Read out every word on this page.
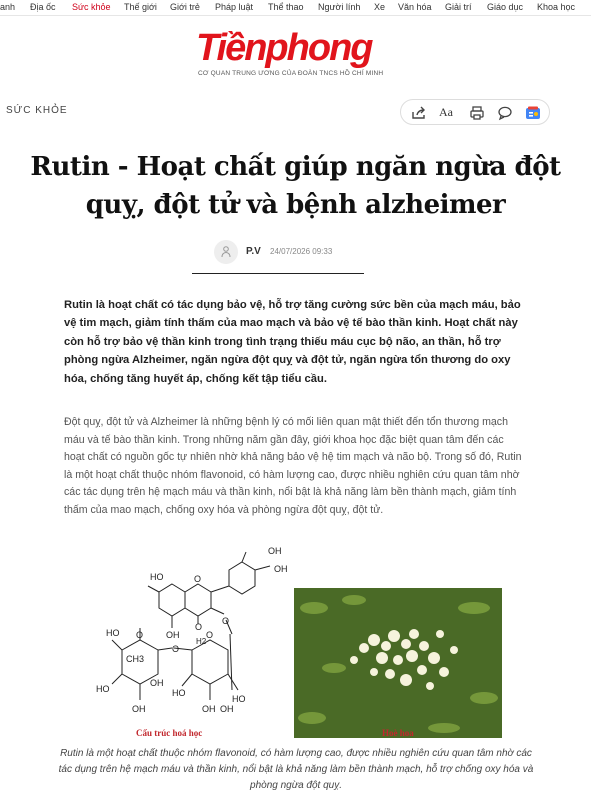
anh Địa ốc Sức khỏe Thế giới Giới trẻ Pháp luật Thể thao Người lính Xe Văn hóa Giải trí Giáo dục Khoa học
Tiềnphong
CƠ QUAN TRUNG ƯƠNG CỦA ĐOÀN TNCS HỒ CHÍ MINH
SỨC KHỎE	Aa
Rutin - Hoạt chất giúp ngăn ngừa đột quỵ, đột tử và bệnh alzheimer
P.V 24/07/2026 09:33

Rutin là hoạt chất có tác dụng bảo vệ, hỗ trợ tăng cường sức bền của mạch máu, bảo vệ tim mạch, giảm tính thấm của mao mạch và bảo vệ tế bào thần kinh. Hoạt chất này còn hỗ trợ bảo vệ thần kinh trong tình trạng thiếu máu cục bộ não, an thần, hỗ trợ phòng ngừa Alzheimer, ngăn ngừa đột quỵ và đột tử, ngăn ngừa tổn thương do oxy hóa, chống tăng huyết áp, chống kết tập tiểu cầu.

Đột quỵ, đột tử và Alzheimer là những bệnh lý có mối liên quan mật thiết đến tổn thương mạch máu và tế bào thần kinh. Trong những năm gần đây, giới khoa học đặc biệt quan tâm đến các hoạt chất có nguồn gốc tự nhiên nhờ khả năng bảo vệ hệ tim mạch và não bộ. Trong số đó, Rutin là một hoạt chất thuộc nhóm flavonoid, có hàm lượng cao, được nhiều nghiên cứu quan tâm nhờ các tác dụng trên hệ mạch máu và thần kinh, nổi bật là khả năng làm bền thành mạch, giảm tính thấm của mao mạch, chống oxy hóa và phòng ngừa đột quỵ, đột tử.

HO
OH
OH
OH
H2
HO
OH
HO
CH3
HO
OH
HO
OH	OH
O
O
O
O
O
O
Cấu trúc hoá học	Hoè hoa

Rutin là một hoạt chất thuộc nhóm flavonoid, có hàm lượng cao, được nhiều nghiên cứu quan tâm nhờ các tác dụng trên hệ mạch máu và thần kinh, nổi bật là khả năng làm bền thành mạch, hỗ trợ chống oxy hóa và phòng ngừa đột quỵ.
